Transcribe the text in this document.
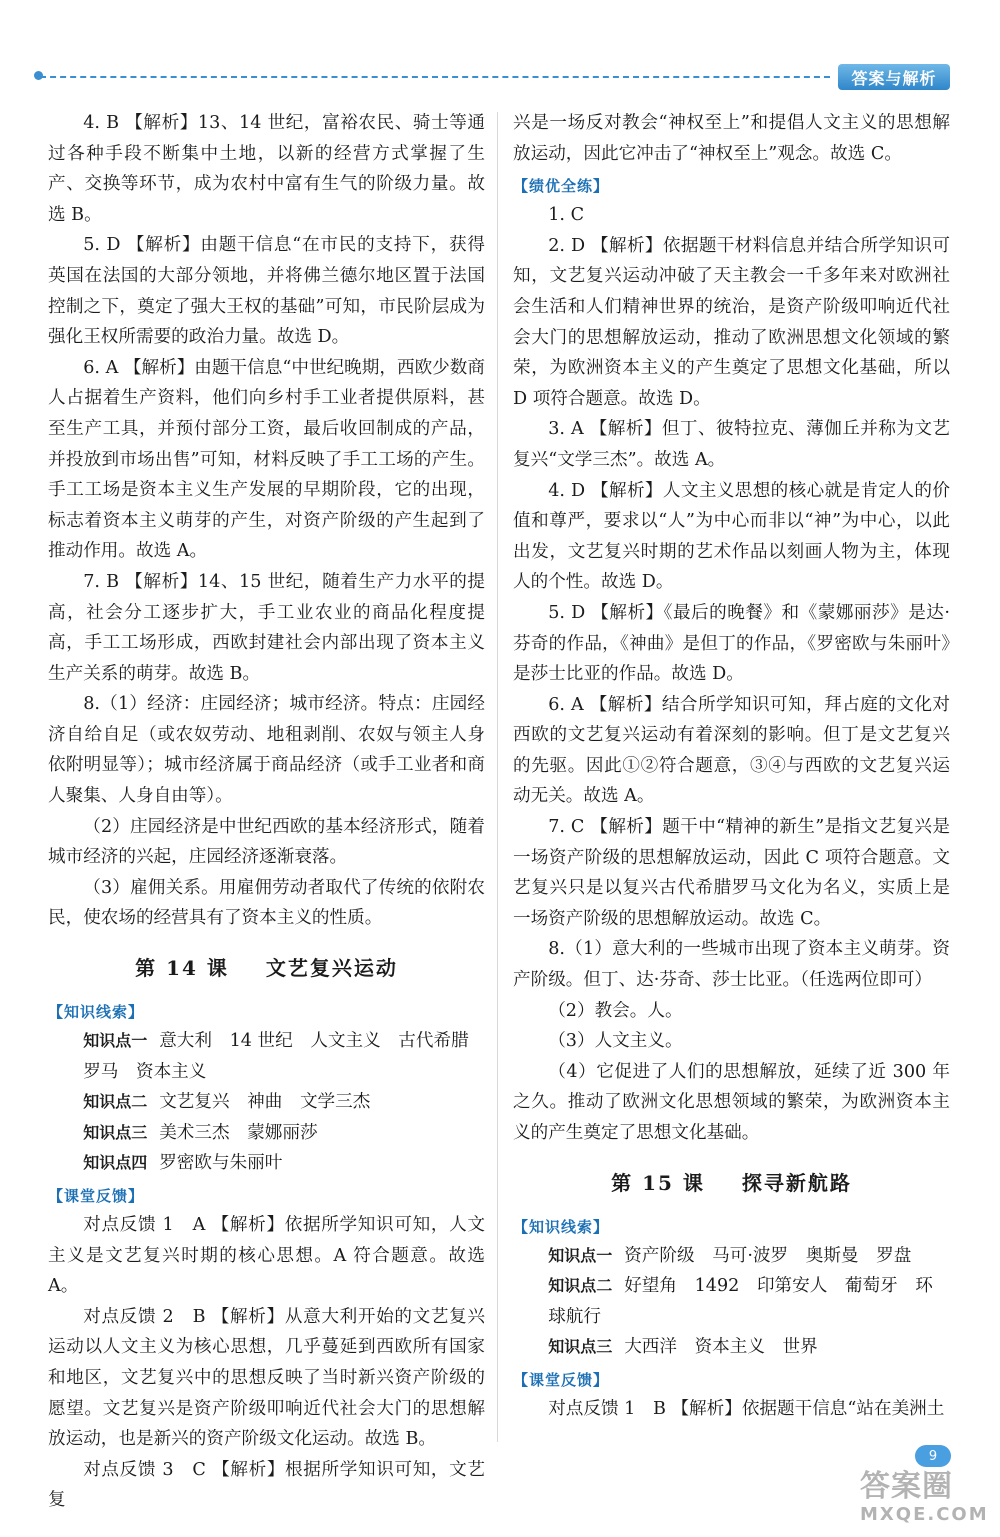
答案与解析

4. B 【解析】13、14 世纪，富裕农民、骑士等通过各种手段不断集中土地，以新的经营方式掌握了生产、交换等环节，成为农村中富有生气的阶级力量。故选 B。

5. D 【解析】由题干信息“在市民的支持下，获得英国在法国的大部分领地，并将佛兰德尔地区置于法国控制之下，奠定了强大王权的基础”可知，市民阶层成为强化王权所需要的政治力量。故选 D。

6. A 【解析】由题干信息“中世纪晚期，西欧少数商人占据着生产资料，他们向乡村手工业者提供原料，甚至生产工具，并预付部分工资，最后收回制成的产品，并投放到市场出售”可知，材料反映了手工工场的产生。手工工场是资本主义生产发展的早期阶段，它的出现，标志着资本主义萌芽的产生，对资产阶级的产生起到了推动作用。故选 A。

7. B 【解析】14、15 世纪，随着生产力水平的提高，社会分工逐步扩大，手工业农业的商品化程度提高，手工工场形成，西欧封建社会内部出现了资本主义生产关系的萌芽。故选 B。

8.（1）经济：庄园经济；城市经济。特点：庄园经济自给自足（或农奴劳动、地租剥削、农奴与领主人身依附明显等）；城市经济属于商品经济（或手工业者和商人聚集、人身自由等）。

（2）庄园经济是中世纪西欧的基本经济形式，随着城市经济的兴起，庄园经济逐渐衰落。

（3）雇佣关系。用雇佣劳动者取代了传统的依附农民，使农场的经营具有了资本主义的性质。

第 14 课 文艺复兴运动
【知识线索】

知识点一 意大利　14 世纪　人文主义　古代希腊
罗马　资本主义

知识点二 文艺复兴　神曲　文学三杰

知识点三 美术三杰　蒙娜丽莎

知识点四 罗密欧与朱丽叶

【课堂反馈】

对点反馈 1　A 【解析】依据所学知识可知，人文主义是文艺复兴时期的核心思想。A 符合题意。故选 A。

对点反馈 2　B 【解析】从意大利开始的文艺复兴运动以人文主义为核心思想，几乎蔓延到西欧所有国家和地区，文艺复兴中的思想反映了当时新兴资产阶级的愿望。文艺复兴是资产阶级叩响近代社会大门的思想解放运动，也是新兴的资产阶级文化运动。故选 B。

对点反馈 3　C 【解析】根据所学知识可知，文艺复

兴是一场反对教会“神权至上”和提倡人文主义的思想解放运动，因此它冲击了“神权至上”观念。故选 C。

【绩优全练】

1. C

2. D 【解析】依据题干材料信息并结合所学知识可知，文艺复兴运动冲破了天主教会一千多年来对欧洲社会生活和人们精神世界的统治，是资产阶级叩响近代社会大门的思想解放运动，推动了欧洲思想文化领域的繁荣，为欧洲资本主义的产生奠定了思想文化基础，所以 D 项符合题意。故选 D。

3. A 【解析】但丁、彼特拉克、薄伽丘并称为文艺复兴“文学三杰”。故选 A。

4. D 【解析】人文主义思想的核心就是肯定人的价值和尊严，要求以“人”为中心而非以“神”为中心，以此出发，文艺复兴时期的艺术作品以刻画人物为主，体现人的个性。故选 D。

5. D 【解析】《最后的晚餐》和《蒙娜丽莎》是达·芬奇的作品，《神曲》是但丁的作品，《罗密欧与朱丽叶》是莎士比亚的作品。故选 D。

6. A 【解析】结合所学知识可知，拜占庭的文化对西欧的文艺复兴运动有着深刻的影响。但丁是文艺复兴的先驱。因此①②符合题意，③④与西欧的文艺复兴运动无关。故选 A。

7. C 【解析】题干中“精神的新生”是指文艺复兴是一场资产阶级的思想解放运动，因此 C 项符合题意。文艺复兴只是以复兴古代希腊罗马文化为名义，实质上是一场资产阶级的思想解放运动。故选 C。

8.（1）意大利的一些城市出现了资本主义萌芽。资产阶级。但丁、达·芬奇、莎士比亚。（任选两位即可）

（2）教会。人。

（3）人文主义。

（4）它促进了人们的思想解放，延续了近 300 年之久。推动了欧洲文化思想领域的繁荣，为欧洲资本主义的产生奠定了思想文化基础。

第 15 课 探寻新航路
【知识线索】

知识点一 资产阶级　马可·波罗　奥斯曼　罗盘

知识点二 好望角　1492　印第安人　葡萄牙　环
球航行

知识点三 大西洋　资本主义　世界

【课堂反馈】

对点反馈 1　B 【解析】依据题干信息“站在美洲土

9
答案圈
MXQE.COM
